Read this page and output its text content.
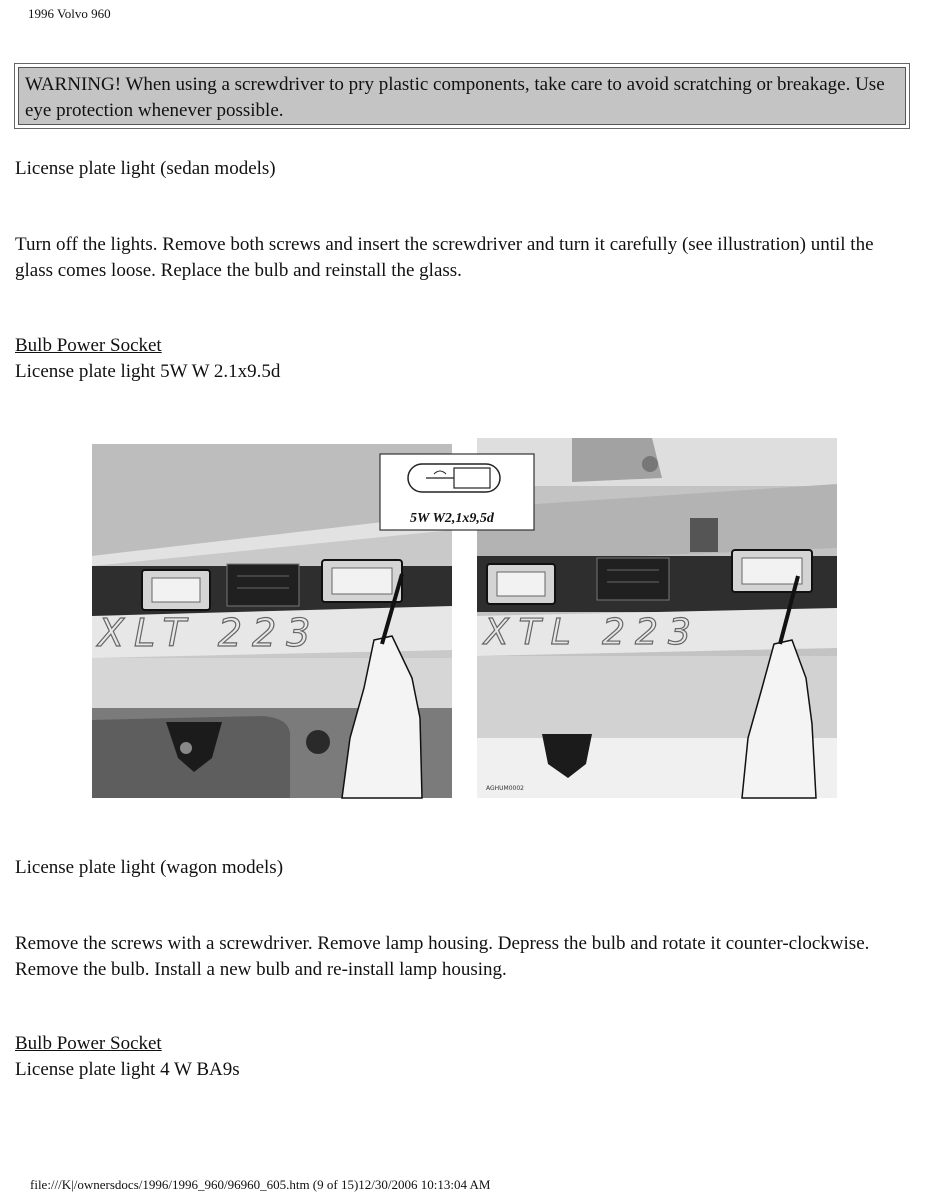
1996 Volvo 960
WARNING! When using a screwdriver to pry plastic components, take care to avoid scratching or breakage. Use eye protection whenever possible.
License plate light (sedan models)
Turn off the lights. Remove both screws and insert the screwdriver and turn it carefully (see illustration) until the glass comes loose. Replace the bulb and reinstall the glass.
Bulb Power Socket
License plate light 5W W 2.1x9.5d
XLT 223	XTL 223
AGHUM0002
5W W2,1x9,5d
License plate light (wagon models)
Remove the screws with a screwdriver. Remove lamp housing. Depress the bulb and rotate it counter-clockwise. Remove the bulb. Install a new bulb and re-install lamp housing.
Bulb Power Socket
License plate light 4 W BA9s
file:///K|/ownersdocs/1996/1996_960/96960_605.htm (9 of 15)12/30/2006 10:13:04 AM
